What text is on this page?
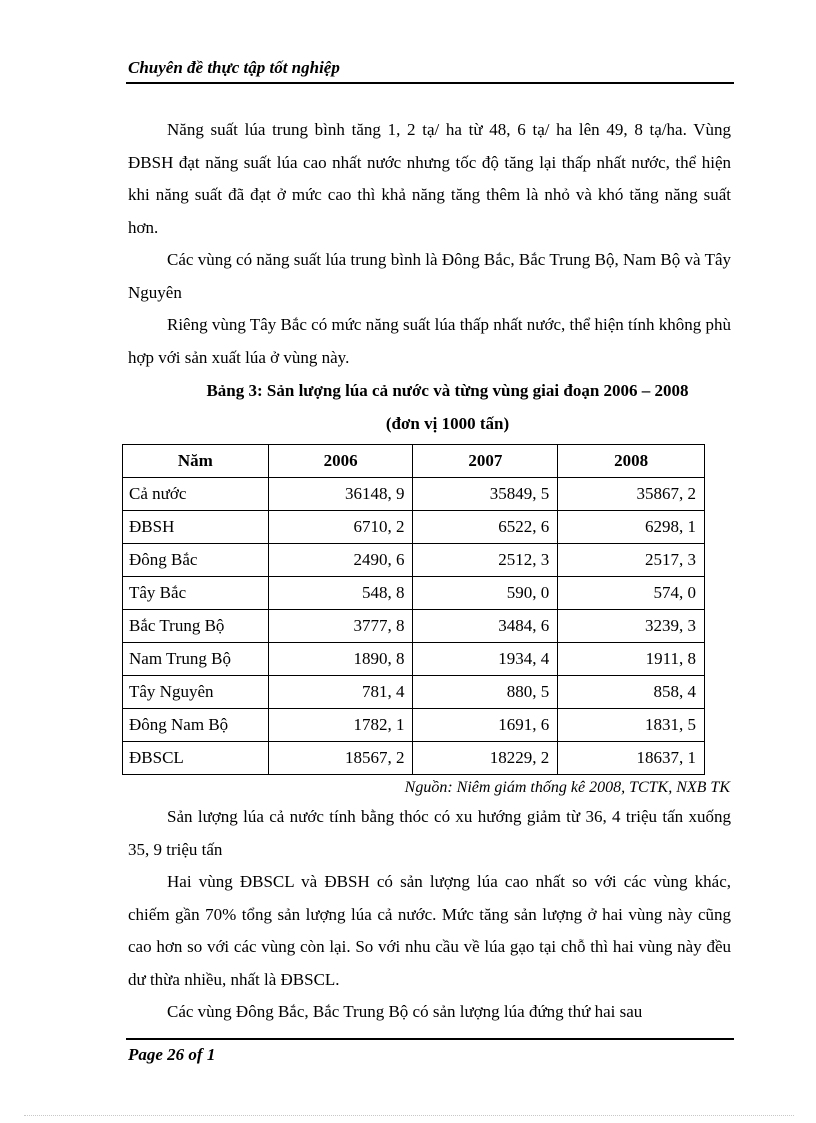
Chuyên đề thực tập tốt nghiệp

Năng suất lúa trung bình tăng 1, 2 tạ/ ha từ 48, 6 tạ/ ha lên 49, 8 tạ/ha. Vùng ĐBSH đạt năng suất lúa cao nhất nước nhưng tốc độ tăng lại thấp nhất nước, thể hiện khi năng suất đã đạt ở mức cao thì khả năng tăng thêm là nhỏ và khó tăng năng suất hơn.

Các vùng có năng suất lúa trung bình là Đông Bắc, Bắc Trung Bộ, Nam Bộ và Tây Nguyên

Riêng vùng Tây Bắc có mức năng suất lúa thấp nhất nước, thể hiện tính không phù hợp với sản xuất lúa ở vùng này.

Bảng 3: Sản lượng lúa cả nước và từng vùng giai đoạn 2006 – 2008

(đơn vị 1000 tấn)

Năm	2006	2007	2008
Cả nước	36148, 9	35849, 5	35867, 2
ĐBSH	6710, 2	6522, 6	6298, 1
Đông Bắc	2490, 6	2512, 3	2517, 3
Tây Bắc	548, 8	590, 0	574, 0
Bắc Trung Bộ	3777, 8	3484, 6	3239, 3
Nam Trung Bộ	1890, 8	1934, 4	1911, 8
Tây Nguyên	781, 4	880, 5	858, 4
Đông Nam Bộ	1782, 1	1691, 6	1831, 5
ĐBSCL	18567, 2	18229, 2	18637, 1

Nguồn: Niêm giám thống kê 2008, TCTK, NXB TK

Sản lượng lúa cả nước tính bằng thóc có xu hướng giảm từ 36, 4 triệu tấn xuống 35, 9 triệu tấn

Hai vùng ĐBSCL và ĐBSH có sản lượng lúa cao nhất so với các vùng khác, chiếm gần 70% tổng sản lượng lúa cả nước. Mức tăng sản lượng ở hai vùng này cũng cao hơn so với các vùng còn lại. So với nhu cầu về lúa gạo tại chỗ thì hai vùng này đều dư thừa nhiều, nhất là ĐBSCL.

Các vùng Đông Bắc, Bắc Trung Bộ có sản lượng lúa đứng thứ hai sau

Page 26 of 1
